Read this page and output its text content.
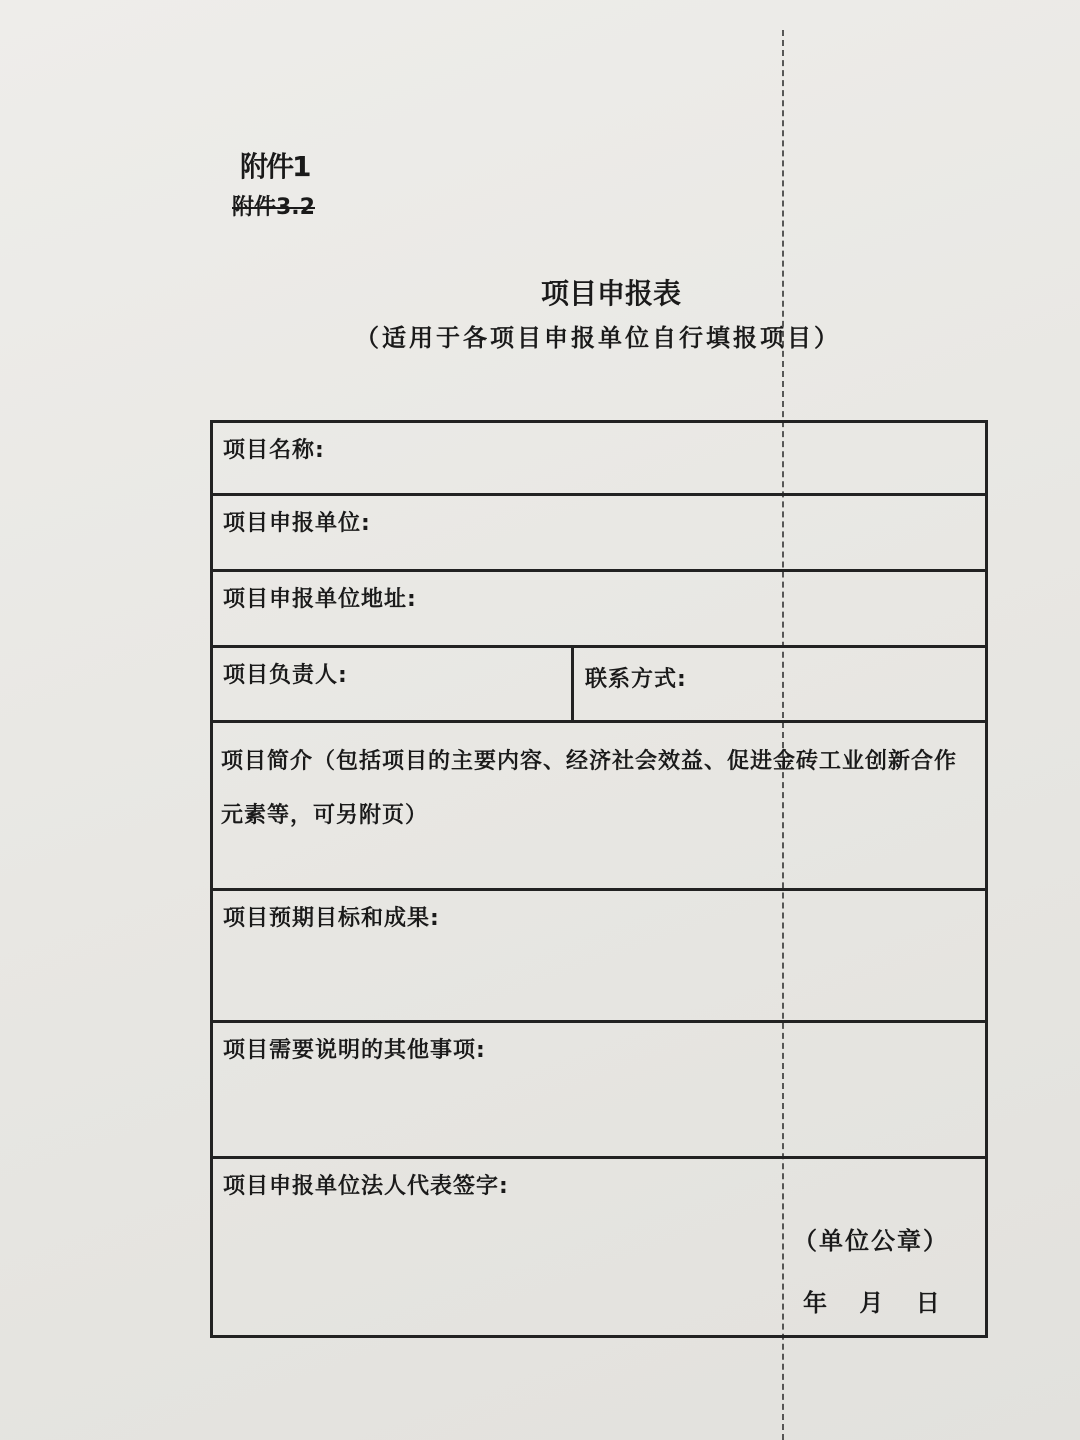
附件1
附件3.2
项目申报表
（适用于各项目申报单位自行填报项目）
项目名称:
项目申报单位:
项目申报单位地址:
项目负责人:	联系方式:
项目简介（包括项目的主要内容、经济社会效益、促进金砖工业创新合作元素等，可另附页）
项目预期目标和成果:
项目需要说明的其他事项:
项目申报单位法人代表签字:
（单位公章）
年 月 日
